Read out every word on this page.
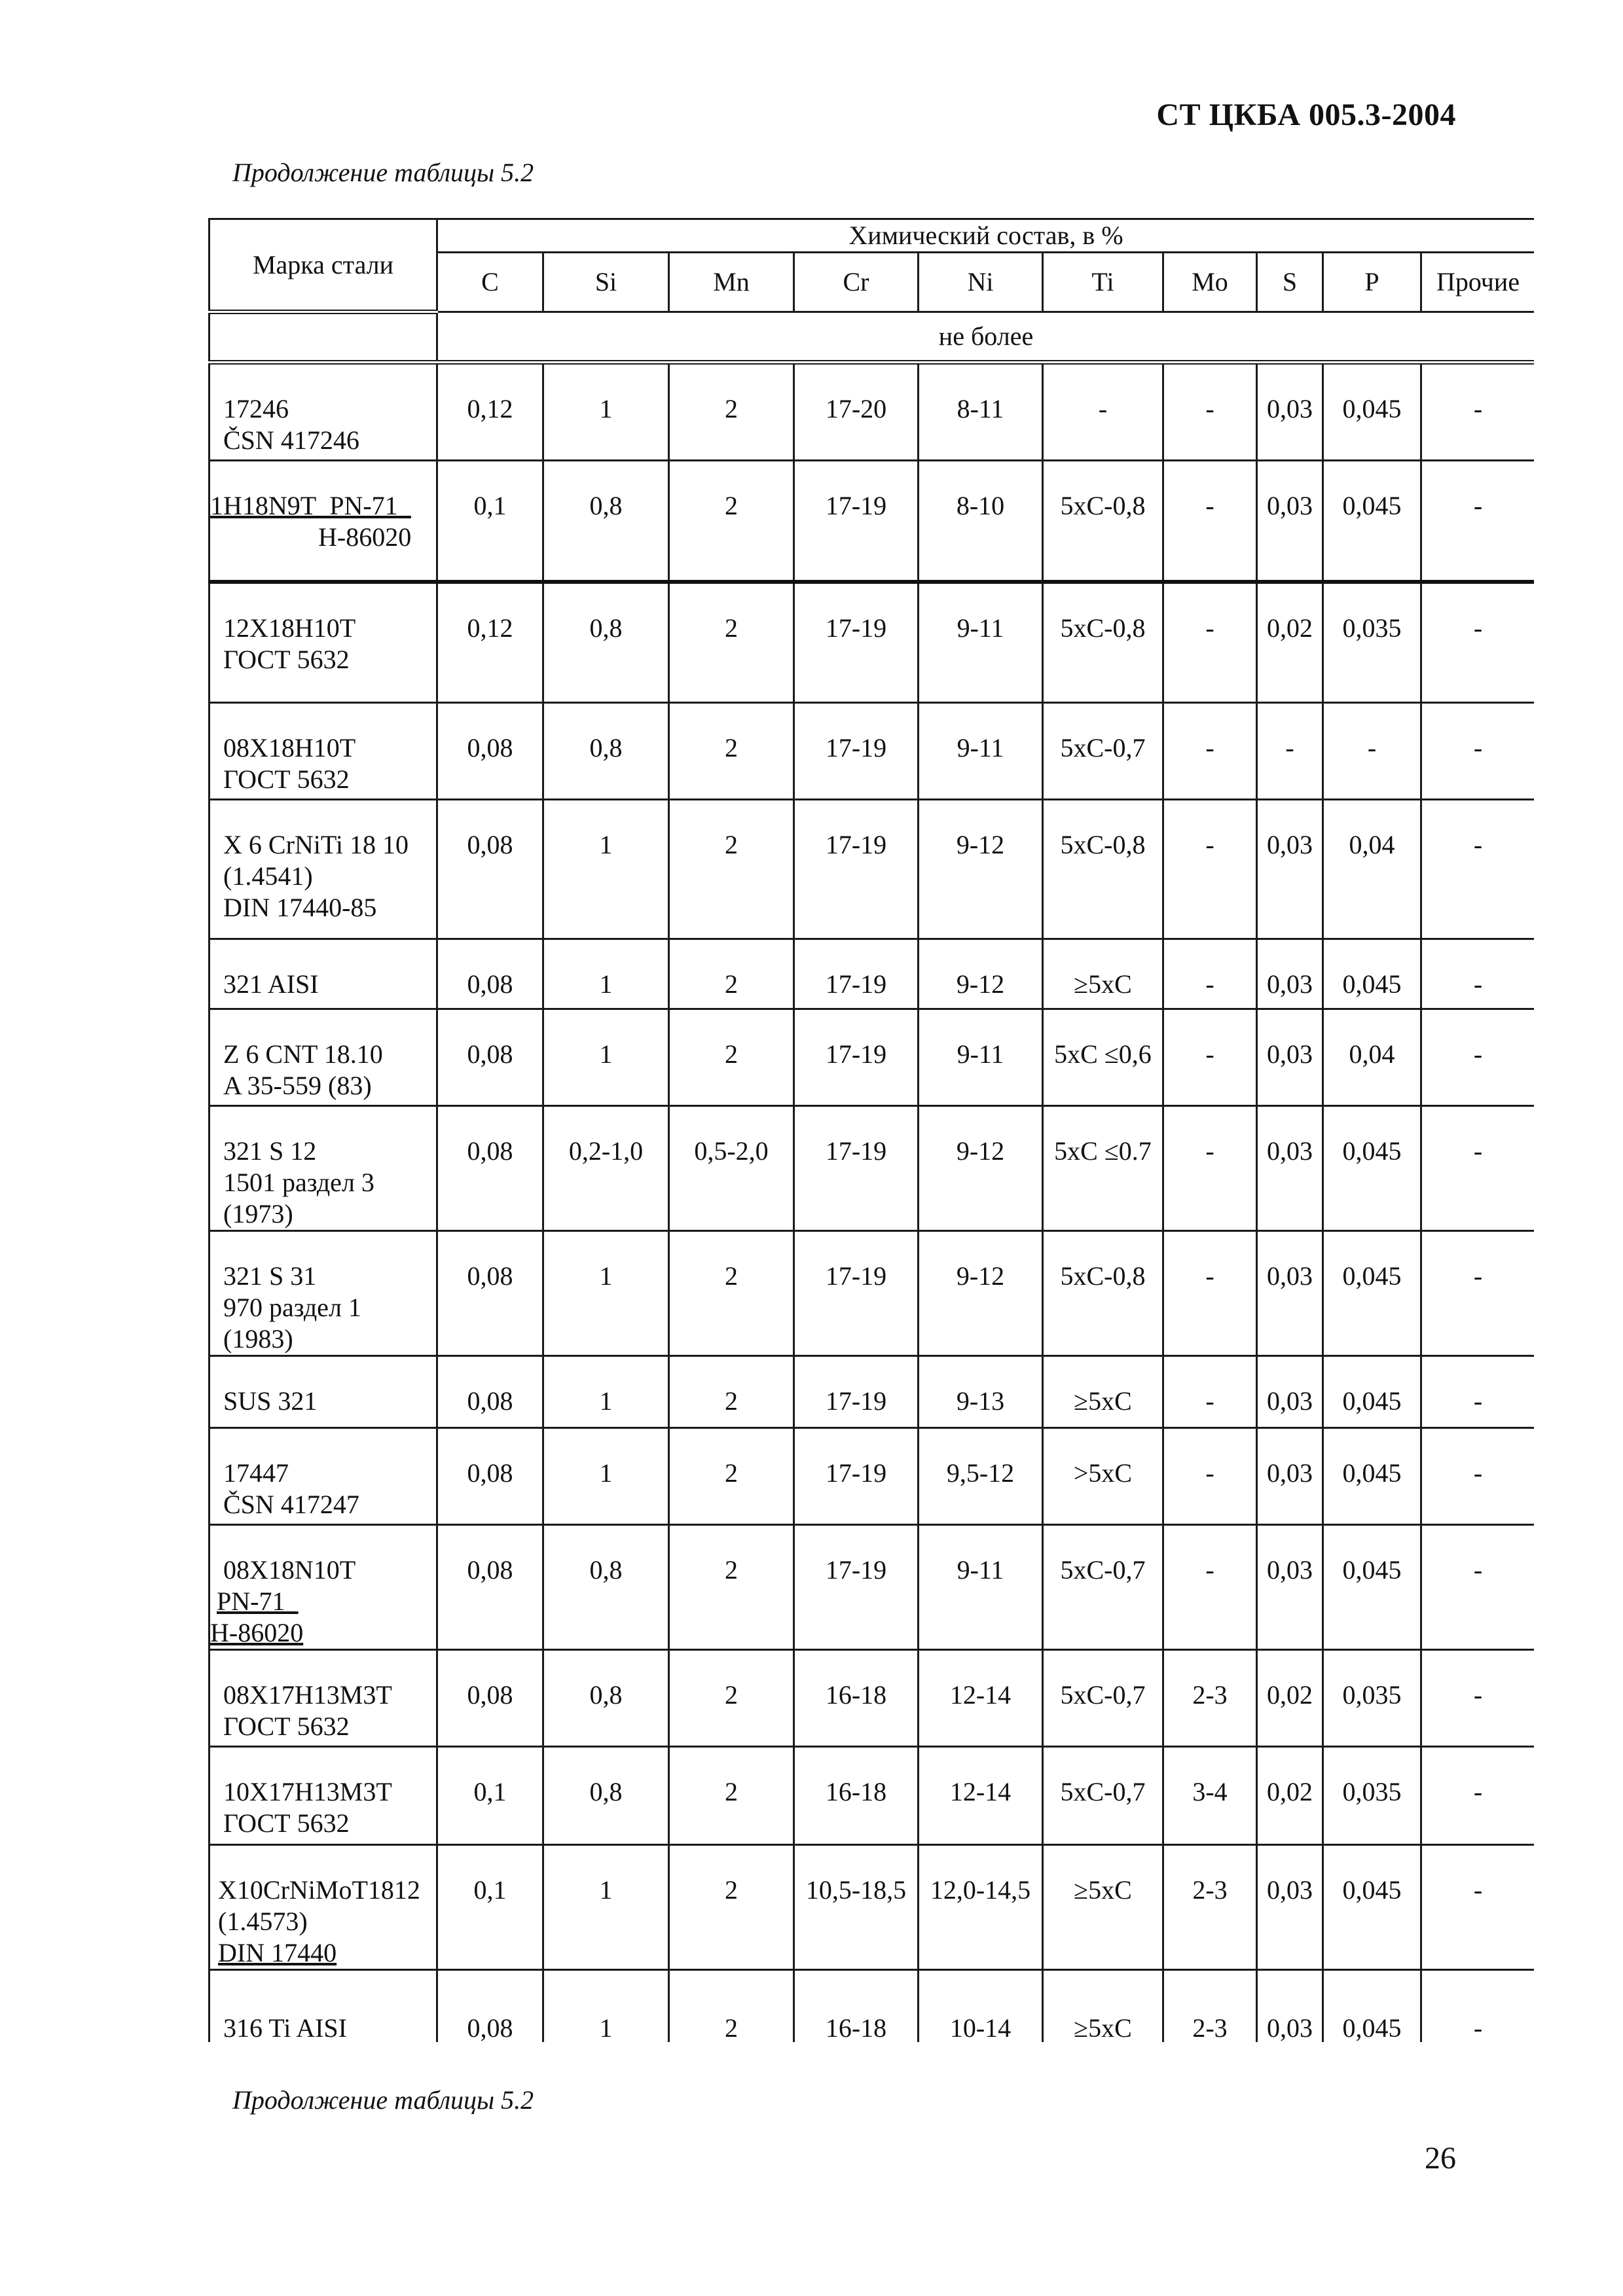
СТ ЦКБА 005.3-2004
Продолжение таблицы 5.2
Марка стали	Химический состав, в %									
	C	Si	Mn	Cr	Ni	Ti	Mo	S	P	Прочие
	не более									

17246
ČSN 417246	0,12	1	2	17-20	8-11	-	-	0,03	0,045	-

1H18N9T_PN-71_
H-86020	0,1	0,8	2	17-19	8-10	5хС-0,8	-	0,03	0,045	-

12Х18Н10Т
ГОСТ 5632	0,12	0,8	2	17-19	9-11	5хС-0,8	-	0,02	0,035	-

08Х18Н10Т
ГОСТ 5632	0,08	0,8	2	17-19	9-11	5хС-0,7	-	-	-	-

X 6 CrNiTi 18 10
(1.4541)
DIN 17440-85	0,08	1	2	17-19	9-12	5хС-0,8	-	0,03	0,04	-

321 AISI	0,08	1	2	17-19	9-12	≥5хС	-	0,03	0,045	-

Z 6 CNT 18.10
A 35-559 (83)	0,08	1	2	17-19	9-11	5хС ≤0,6	-	0,03	0,04	-

321 S 12
1501 раздел 3
(1973)	0,08	0,2-1,0	0,5-2,0	17-19	9-12	5хС ≤0.7	-	0,03	0,045	-

321 S 31
970 раздел 1
(1983)	0,08	1	2	17-19	9-12	5хС-0,8	-	0,03	0,045	-

SUS 321	0,08	1	2	17-19	9-13	≥5хС	-	0,03	0,045	-

17447
ČSN 417247	0,08	1	2	17-19	9,5-12	>5хС	-	0,03	0,045	-

08X18N10T
PN-71_
H-86020	0,08	0,8	2	17-19	9-11	5хС-0,7	-	0,03	0,045	-

08Х17Н13М3Т
ГОСТ 5632	0,08	0,8	2	16-18	12-14	5хС-0,7	2-3	0,02	0,035	-

10Х17Н13М3Т
ГОСТ 5632	0,1	0,8	2	16-18	12-14	5хС-0,7	3-4	0,02	0,035	-

X10CrNiMoT1812
(1.4573)
DIN 17440	0,1	1	2	10,5-18,5	12,0-14,5	≥5хС	2-3	0,03	0,045	-

316 Ti AISI	0,08	1	2	16-18	10-14	≥5хС	2-3	0,03	0,045	-
Продолжение таблицы 5.2
26
